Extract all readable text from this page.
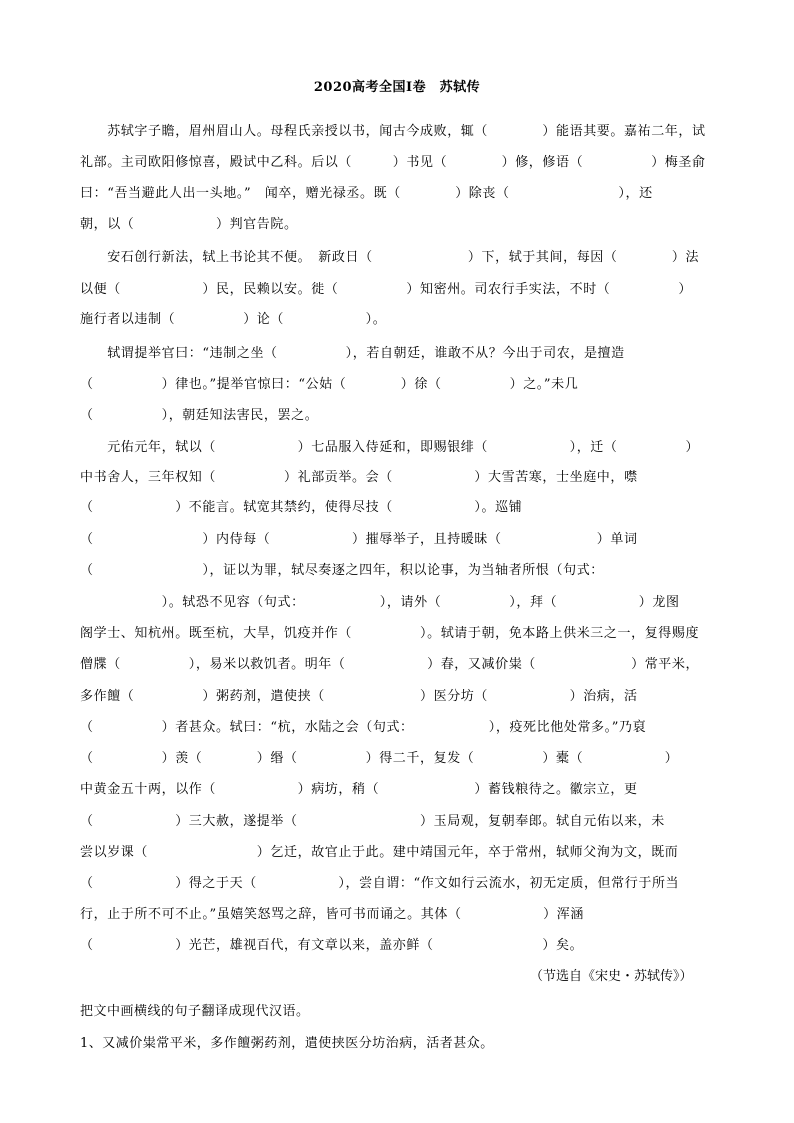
2020高考全国Ⅰ卷　苏轼传
　　苏轼字子瞻，眉州眉山人。母程氏亲授以书，闻古今成败，辄（　　　　）能语其要。嘉祐二年，试
礼部。主司欧阳修惊喜，殿试中乙科。后以（　　　）书见（　　　　）修，修语（　　　　　）梅圣俞
曰：“吾当避此人出一头地。”　闻卒，赠光禄丞。既（　　　　）除丧（　　　　　　　　），还
朝，以（　　　　　　）判官告院。
　　安石创行新法，轼上书论其不便。　新政日（　　　　　　　）下，轼于其间，每因（　　　　）法
以便（　　　　　　）民，民赖以安。徙（　　　　　）知密州。司农行手实法，不时（　　　　　）
施行者以违制（　　　　　）论（　　　　　　）。
　　轼谓提举官曰：“违制之坐（　　　　　），若自朝廷，谁敢不从？今出于司农，是擅造
（　　　　　）律也。”提举官惊曰：“公姑（　　　　）徐（　　　　　）之。”未几
（　　　　　），朝廷知法害民，罢之。
　　元佑元年，轼以（　　　　　　）七品服入侍延和，即赐银绯（　　　　　　），迁（　　　　　）
中书舍人，三年权知（　　　　　）礼部贡举。会（　　　　　　）大雪苦寒，士坐庭中，噤
（　　　　　　）不能言。轼宽其禁约，使得尽技（　　　　　　）。巡铺
（　　　　　　　　）内侍每（　　　　　　）摧辱举子，且持暖昧（　　　　　　　）单词
（　　　　　　　　），证以为罪，轼尽奏逐之四年，积以论事，为当轴者所恨（句式：
　　　　　　）。轼恐不见容（句式：　　　　　　），请外（　　　　　），拜（　　　　　　）龙图
阁学士、知杭州。既至杭，大旱，饥疫并作（　　　　　）。轼请于朝，免本路上供米三之一，复得赐度
僧牒（　　　　　），易米以救饥者。明年（　　　　　　）春，又减价粜（　　　　　　　）常平米，
多作饘（　　　　　）粥药剂，遣使挟（　　　　　　　）医分坊（　　　　　　）治病，活
（　　　　　）者甚众。轼曰：“杭，水陆之会（句式：　　　　　　），疫死比他处常多。”乃裒
（　　　　　）羡（　　　　）缗（　　　　　）得二千，复发（　　　　　）橐（　　　　　　）
中黄金五十两，以作（　　　　　　）病坊，稍（　　　　　　　）蓄钱粮待之。徽宗立，更
（　　　　　　）三大赦，遂提举（　　　　　　　　　）玉局观，复朝奉郎。轼自元佑以来，未
尝以岁课（　　　　　　　　）乞迁，故官止于此。建中靖国元年，卒于常州，轼师父洵为文，既而
（　　　　　　）得之于天（　　　　　　），尝自谓：“作文如行云流水，初无定质，但常行于所当
行，止于所不可不止。”虽嬉笑怒骂之辞，皆可书而诵之。其体（　　　　　　）浑涵
（　　　　　　）光芒，雄视百代，有文章以来，盖亦鲜（　　　　　　　　）矣。
（节选自《宋史・苏轼传》）
把文中画横线的句子翻译成现代汉语。
1、又减价粜常平米，多作饘粥药剂，遣使挟医分坊治病，活者甚众。
